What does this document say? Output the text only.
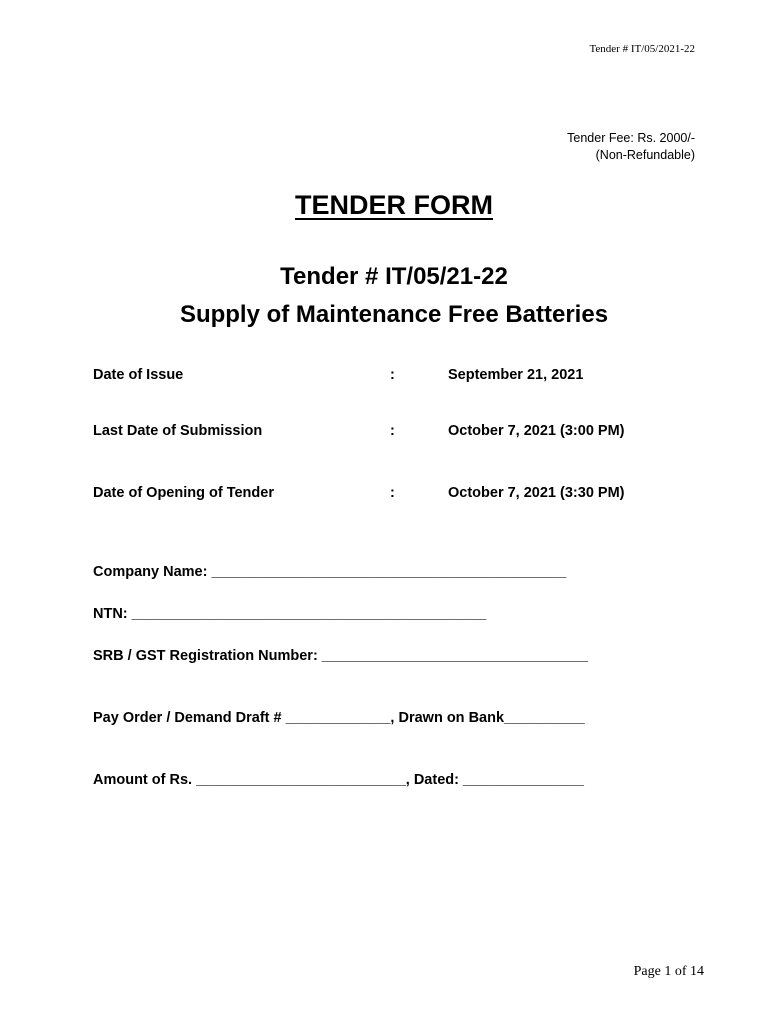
Tender # IT/05/2021-22
Tender Fee: Rs. 2000/-
(Non-Refundable)
TENDER FORM
Tender # IT/05/21-22
Supply of Maintenance Free Batteries
Date of Issue	:	September 21, 2021
Last Date of Submission	:	October 7, 2021 (3:00 PM)
Date of Opening of Tender	:	October 7, 2021 (3:30 PM)
Company Name: ____________________________________________
NTN: ____________________________________________
SRB / GST Registration Number: _________________________________
Pay Order / Demand Draft # _____________, Drawn on Bank__________
Amount of Rs. __________________________, Dated: _______________
Page 1 of 14
